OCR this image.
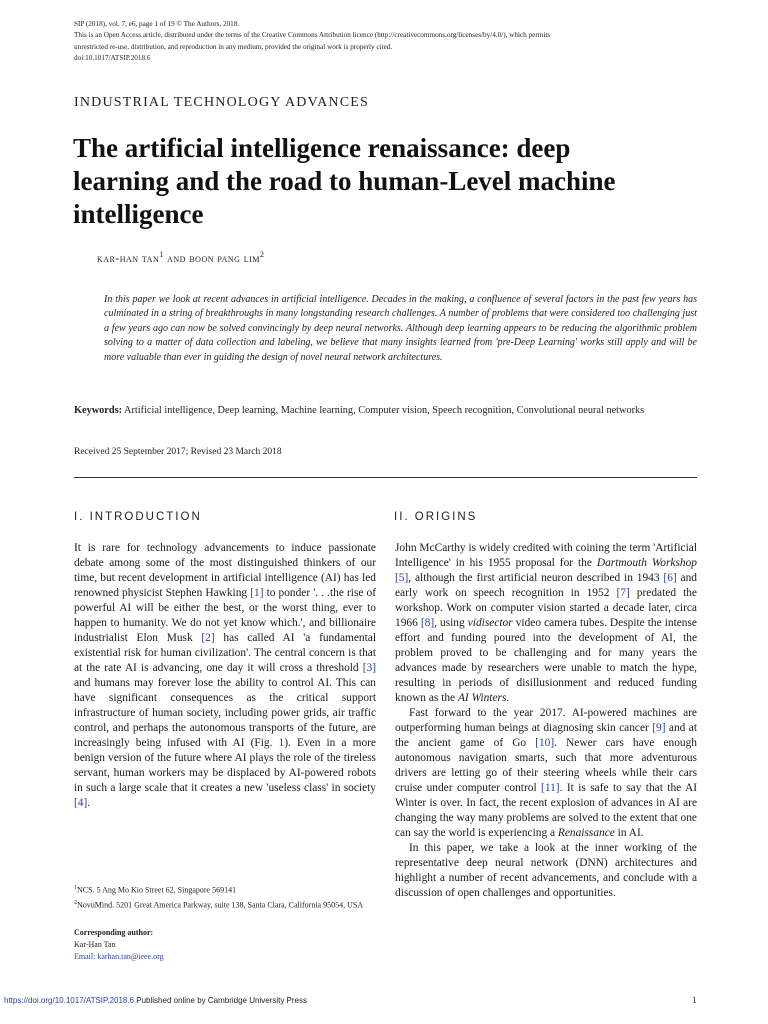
SIP (2018), vol. 7, e6, page 1 of 19 © The Authors, 2018.
This is an Open Access article, distributed under the terms of the Creative Commons Attribution licence (http://creativecommons.org/licenses/by/4.0/), which permits
unrestricted re-use, distribution, and reproduction in any medium, provided the original work is properly cited.
doi:10.1017/ATSIP.2018.6
INDUSTRIAL TECHNOLOGY ADVANCES
The artificial intelligence renaissance: deep learning and the road to human-Level machine intelligence
kar-han $\tan^1$ and boon pang $\lim^2$
In this paper we look at recent advances in artificial intelligence. Decades in the making, a confluence of several factors in the past few years has culminated in a string of breakthroughs in many longstanding research challenges. A number of problems that were considered too challenging just a few years ago can now be solved convincingly by deep neural networks. Although deep learning appears to be reducing the algorithmic problem solving to a matter of data collection and labeling, we believe that many insights learned from 'pre-Deep Learning' works still apply and will be more valuable than ever in guiding the design of novel neural network architectures.
Keywords: Artificial intelligence, Deep learning, Machine learning, Computer vision, Speech recognition, Convolutional neural networks
Received 25 September 2017; Revised 23 March 2018
I. INTRODUCTION	II. ORIGINS

It is rare for technology advancements to induce passionate debate among some of the most distinguished thinkers of our time, but recent development in artificial intelligence (AI) has led renowned physicist Stephen Hawking [1] to ponder '. . .the rise of powerful AI will be either the best, or the worst thing, ever to happen to humanity. We do not yet know which.', and billionaire industrialist Elon Musk [2] has called AI 'a fundamental existential risk for human civilization'. The central concern is that at the rate AI is advancing, one day it will cross a threshold [3] and humans may forever lose the ability to control AI. This can have significant consequences as the critical support infrastructure of human society, including power grids, air traffic control, and perhaps the autonomous transports of the future, are increasingly being infused with AI (Fig. 1). Even in a more benign version of the future where AI plays the role of the tireless servant, human workers may be displaced by AI-powered robots in such a large scale that it creates a new 'useless class' in society [4].

John McCarthy is widely credited with coining the term 'Artificial Intelligence' in his 1955 proposal for the Dartmouth Workshop [5], although the first artificial neuron described in 1943 [6] and early work on speech recognition in 1952 [7] predated the workshop. Work on computer vision started a decade later, circa 1966 [8], using vidisector video camera tubes. Despite the intense effort and funding poured into the development of AI, the problem proved to be challenging and for many years the advances made by researchers were unable to match the hype, resulting in periods of disillusionment and reduced funding known as the AI Winters.

Fast forward to the year 2017. AI-powered machines are outperforming human beings at diagnosing skin cancer [9] and at the ancient game of Go [10]. Newer cars have enough autonomous navigation smarts, such that more adventurous drivers are letting go of their steering wheels while their cars cruise under computer control [11]. It is safe to say that the AI Winter is over. In fact, the recent explosion of advances in AI are changing the way many problems are solved to the extent that one can say the world is experiencing a Renaissance in AI.

In this paper, we take a look at the inner working of the representative deep neural network (DNN) architectures and highlight a number of recent advancements, and conclude with a discussion of open challenges and opportunities.

$^1$NCS. 5 Ang Mo Kio Street 62, Singapore 569141
$^2$NovuMind. 5201 Great America Parkway, suite 138, Santa Clara, California 95054, USA
Corresponding author:
Kar-Han Tan
Email: karhan.tan@ieee.org
https://doi.org/10.1017/ATSIP.2018.6 Published online by Cambridge University Press	1
